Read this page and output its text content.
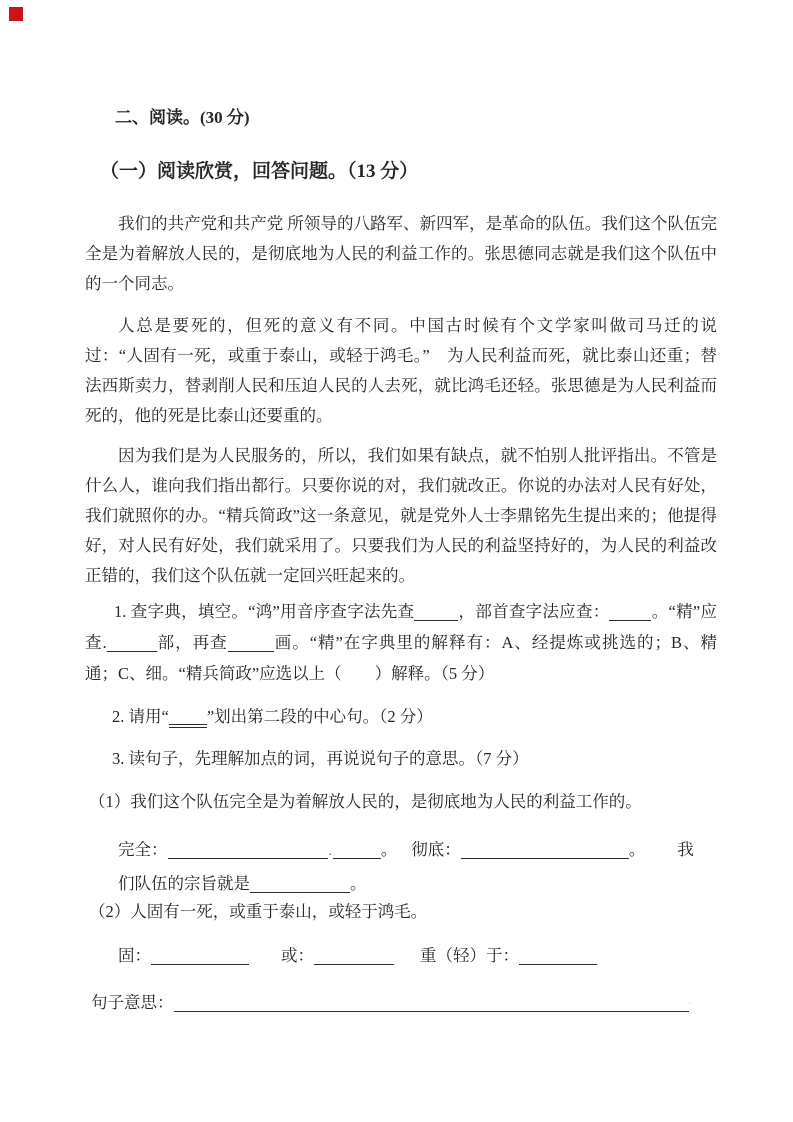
二、阅读。(30 分)
（一）阅读欣赏，回答问题。（13 分）

我们的共产党和共产党 所领导的八路军、新四军，是革命的队伍。我们这个队伍完全是为着解放人民的，是彻底地为人民的利益工作的。张思德同志就是我们这个队伍中的一个同志。

人总是要死的，但死的意义有不同。中国古时候有个文学家叫做司马迁的说过：“人固有一死，或重于泰山，或轻于鸿毛。”　为人民利益而死，就比泰山还重；替法西斯卖力，替剥削人民和压迫人民的人去死，就比鸿毛还轻。张思德是为人民利益而死的，他的死是比泰山还要重的。

因为我们是为人民服务的，所以，我们如果有缺点，就不怕别人批评指出。不管是什么人，谁向我们指出都行。只要你说的对，我们就改正。你说的办法对人民有好处，我们就照你的办。“精兵简政”这一条意见，就是党外人士李鼎铭先生提出来的；他提得好，对人民有好处，我们就采用了。只要我们为人民的利益坚持好的，为人民的利益改正错的，我们这个队伍就一定回兴旺起来的。

1. 查字典，填空。“鸿”用音序查字法先查	，部首查字法应查：	。“精”应查.	部，再查	画。“精”在字典里的解释有：A、经提炼或挑选的；B、精通；C、细。“精兵简政”应选以上（　　）解释。（5 分）

2. 请用“ ”划出第二段的中心句。（2 分）

3. 读句子，先理解加点的词，再说说句子的意思。（7 分）

（1）我们这个队伍完全是为着解放人民的，是彻底地为人民的利益工作的。

完全：	.	。 彻底：	。 我

们队伍的宗旨就是	。

（2）人固有一死，或重于泰山，或轻于鸿毛。

固：	或：	重（轻）于：

句子意思：	.
